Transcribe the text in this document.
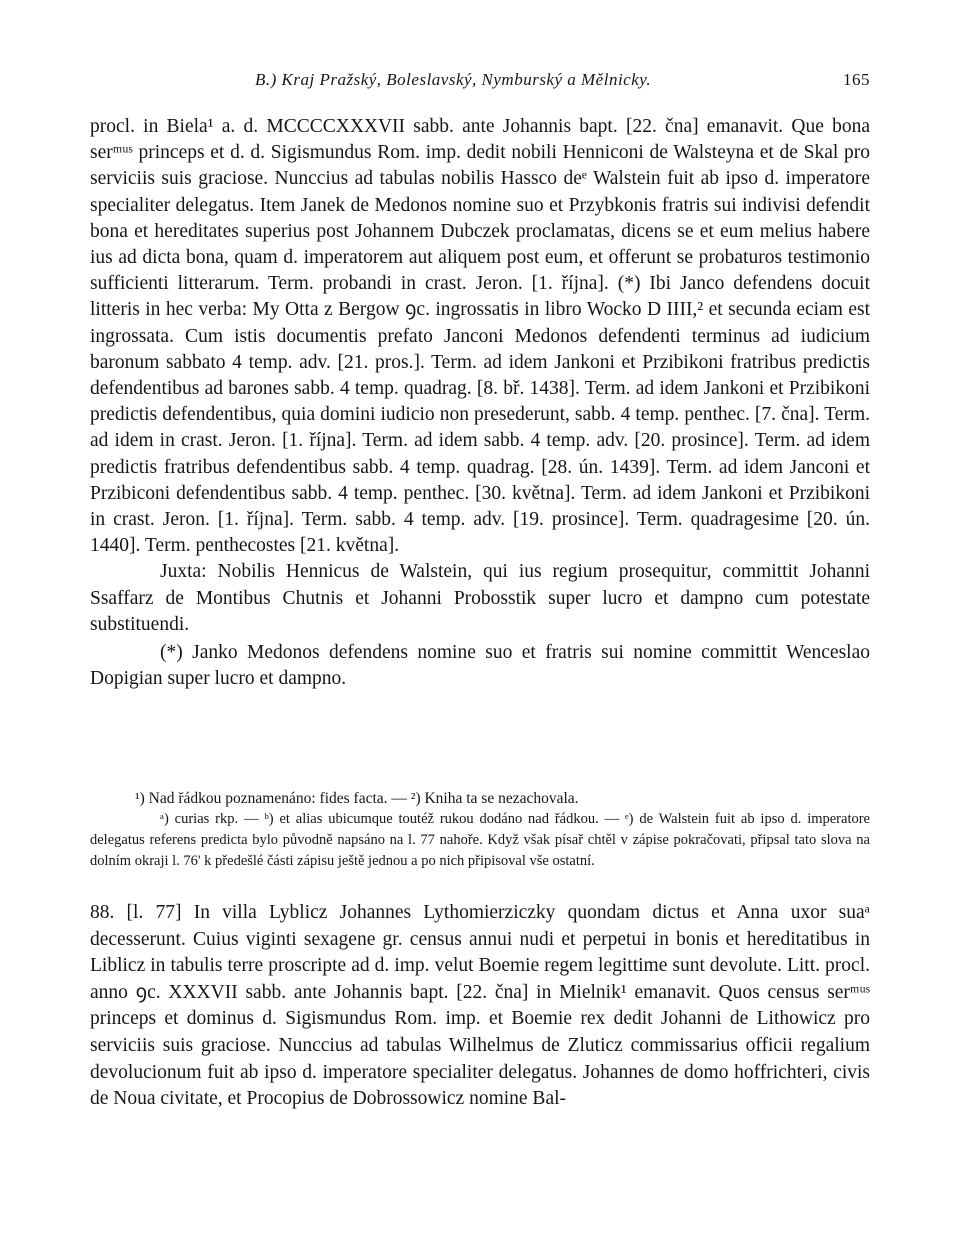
B.) Kraj Pražský, Boleslavský, Nymburský a Mělnicky.	165

procl. in Biela¹ a. d. MCCCCXXXVII sabb. ante Johannis bapt. [22. čna] emanavit. Que bona serᵐᵘˢ princeps et d. d. Sigismundus Rom. imp. dedit nobili Henniconi de Walsteyna et de Skal pro serviciis suis graciose. Nunccius ad tabulas nobilis Hassco deᵉ Walstein fuit ab ipso d. imperatore specialiter delegatus. Item Janek de Medonos nomine suo et Przybkonis fratris sui indivisi defendit bona et hereditates superius post Johannem Dubczek proclamatas, dicens se et eum melius habere ius ad dicta bona, quam d. imperatorem aut aliquem post eum, et offerunt se probaturos testimonio sufficienti litterarum. Term. probandi in crast. Jeron. [1. října]. (*) Ibi Janco defendens docuit litteris in hec verba: My Otta z Bergow ꝯc. ingrossatis in libro Wocko D IIII,² et secunda eciam est ingrossata. Cum istis documentis prefato Janconi Medonos defendenti terminus ad iudicium baronum sabbato 4 temp. adv. [21. pros.]. Term. ad idem Jankoni et Przibikoni fratribus predictis defendentibus ad barones sabb. 4 temp. quadrag. [8. bř. 1438]. Term. ad idem Jankoni et Przibikoni predictis defendentibus, quia domini iudicio non presederunt, sabb. 4 temp. penthec. [7. čna]. Term. ad idem in crast. Jeron. [1. října]. Term. ad idem sabb. 4 temp. adv. [20. prosince]. Term. ad idem predictis fratribus defendentibus sabb. 4 temp. quadrag. [28. ún. 1439]. Term. ad idem Janconi et Przibiconi defendentibus sabb. 4 temp. penthec. [30. května]. Term. ad idem Jankoni et Przibikoni in crast. Jeron. [1. října]. Term. sabb. 4 temp. adv. [19. prosince]. Term. quadragesime [20. ún. 1440]. Term. penthecostes [21. května].

Juxta: Nobilis Hennicus de Walstein, qui ius regium prosequitur, committit Johanni Ssaffarz de Montibus Chutnis et Johanni Probosstik super lucro et dampno cum potestate substituendi.

(*) Janko Medonos defendens nomine suo et fratris sui nomine committit Wenceslao Dopigian super lucro et dampno.

¹) Nad řádkou poznamenáno: fides facta. — ²) Kniha ta se nezachovala.

ᵃ) curias rkp. — ᵇ) et alias ubicumque toutéž rukou dodáno nad řádkou. — ᵉ) de Walstein fuit ab ipso d. imperatore delegatus referens predicta bylo původně napsáno na l. 77 nahoře. Když však písař chtěl v zápise pokračovati, připsal tato slova na dolním okraji l. 76' k předešlé části zápisu ještě jednou a po nich připisoval vše ostatní.

88. [l. 77] In villa Lyblicz Johannes Lythomierziczky quondam dictus et Anna uxor suaᵃ decesserunt. Cuius viginti sexagene gr. census annui nudi et perpetui in bonis et hereditatibus in Liblicz in tabulis terre proscripte ad d. imp. velut Boemie regem legittime sunt devolute. Litt. procl. anno ꝯc. XXXVII sabb. ante Johannis bapt. [22. čna] in Mielnik¹ emanavit. Quos census serᵐᵘˢ princeps et dominus d. Sigismundus Rom. imp. et Boemie rex dedit Johanni de Lithowicz pro serviciis suis graciose. Nunccius ad tabulas Wilhelmus de Zluticz commissarius officii regalium devolucionum fuit ab ipso d. imperatore specialiter delegatus. Johannes de domo hoffrichteri, civis de Noua civitate, et Procopius de Dobrossowicz nomine Bal-
